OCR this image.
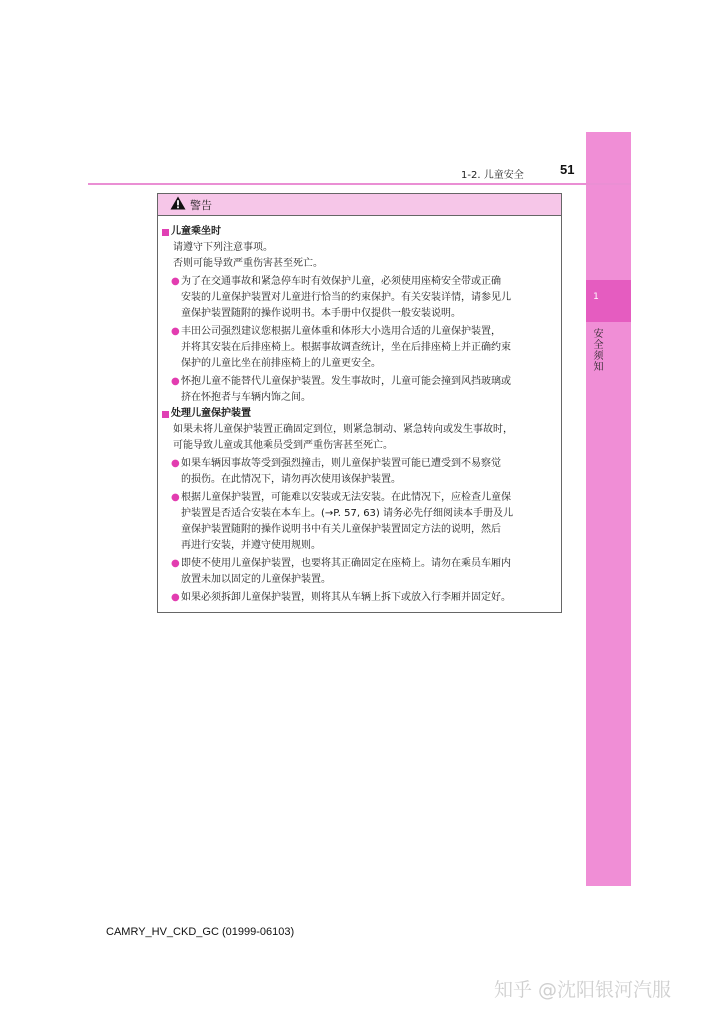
1
安全须知
1-2. 儿童安全	51
警告
儿童乘坐时
请遵守下列注意事项。
否则可能导致严重伤害甚至死亡。
● 为了在交通事故和紧急停车时有效保护儿童，必须使用座椅安全带或正确
安装的儿童保护装置对儿童进行恰当的约束保护。有关安装详情，请参见儿
童保护装置随附的操作说明书。本手册中仅提供一般安装说明。
● 丰田公司强烈建议您根据儿童体重和体形大小选用合适的儿童保护装置，
并将其安装在后排座椅上。根据事故调查统计，坐在后排座椅上并正确约束
保护的儿童比坐在前排座椅上的儿童更安全。
● 怀抱儿童不能替代儿童保护装置。发生事故时，儿童可能会撞到风挡玻璃或
挤在怀抱者与车辆内饰之间。
处理儿童保护装置
如果未将儿童保护装置正确固定到位，则紧急制动、紧急转向或发生事故时，
可能导致儿童或其他乘员受到严重伤害甚至死亡。
● 如果车辆因事故等受到强烈撞击，则儿童保护装置可能已遭受到不易察觉
的损伤。在此情况下，请勿再次使用该保护装置。
● 根据儿童保护装置，可能难以安装或无法安装。在此情况下，应检查儿童保
护装置是否适合安装在本车上。(→P. 57, 63) 请务必先仔细阅读本手册及儿
童保护装置随附的操作说明书中有关儿童保护装置固定方法的说明，然后
再进行安装，并遵守使用规则。
● 即使不使用儿童保护装置，也要将其正确固定在座椅上。请勿在乘员车厢内
放置未加以固定的儿童保护装置。
● 如果必须拆卸儿童保护装置，则将其从车辆上拆下或放入行李厢并固定好。
CAMRY_HV_CKD_GC (01999-06103)
知乎 @沈阳银河汽服
